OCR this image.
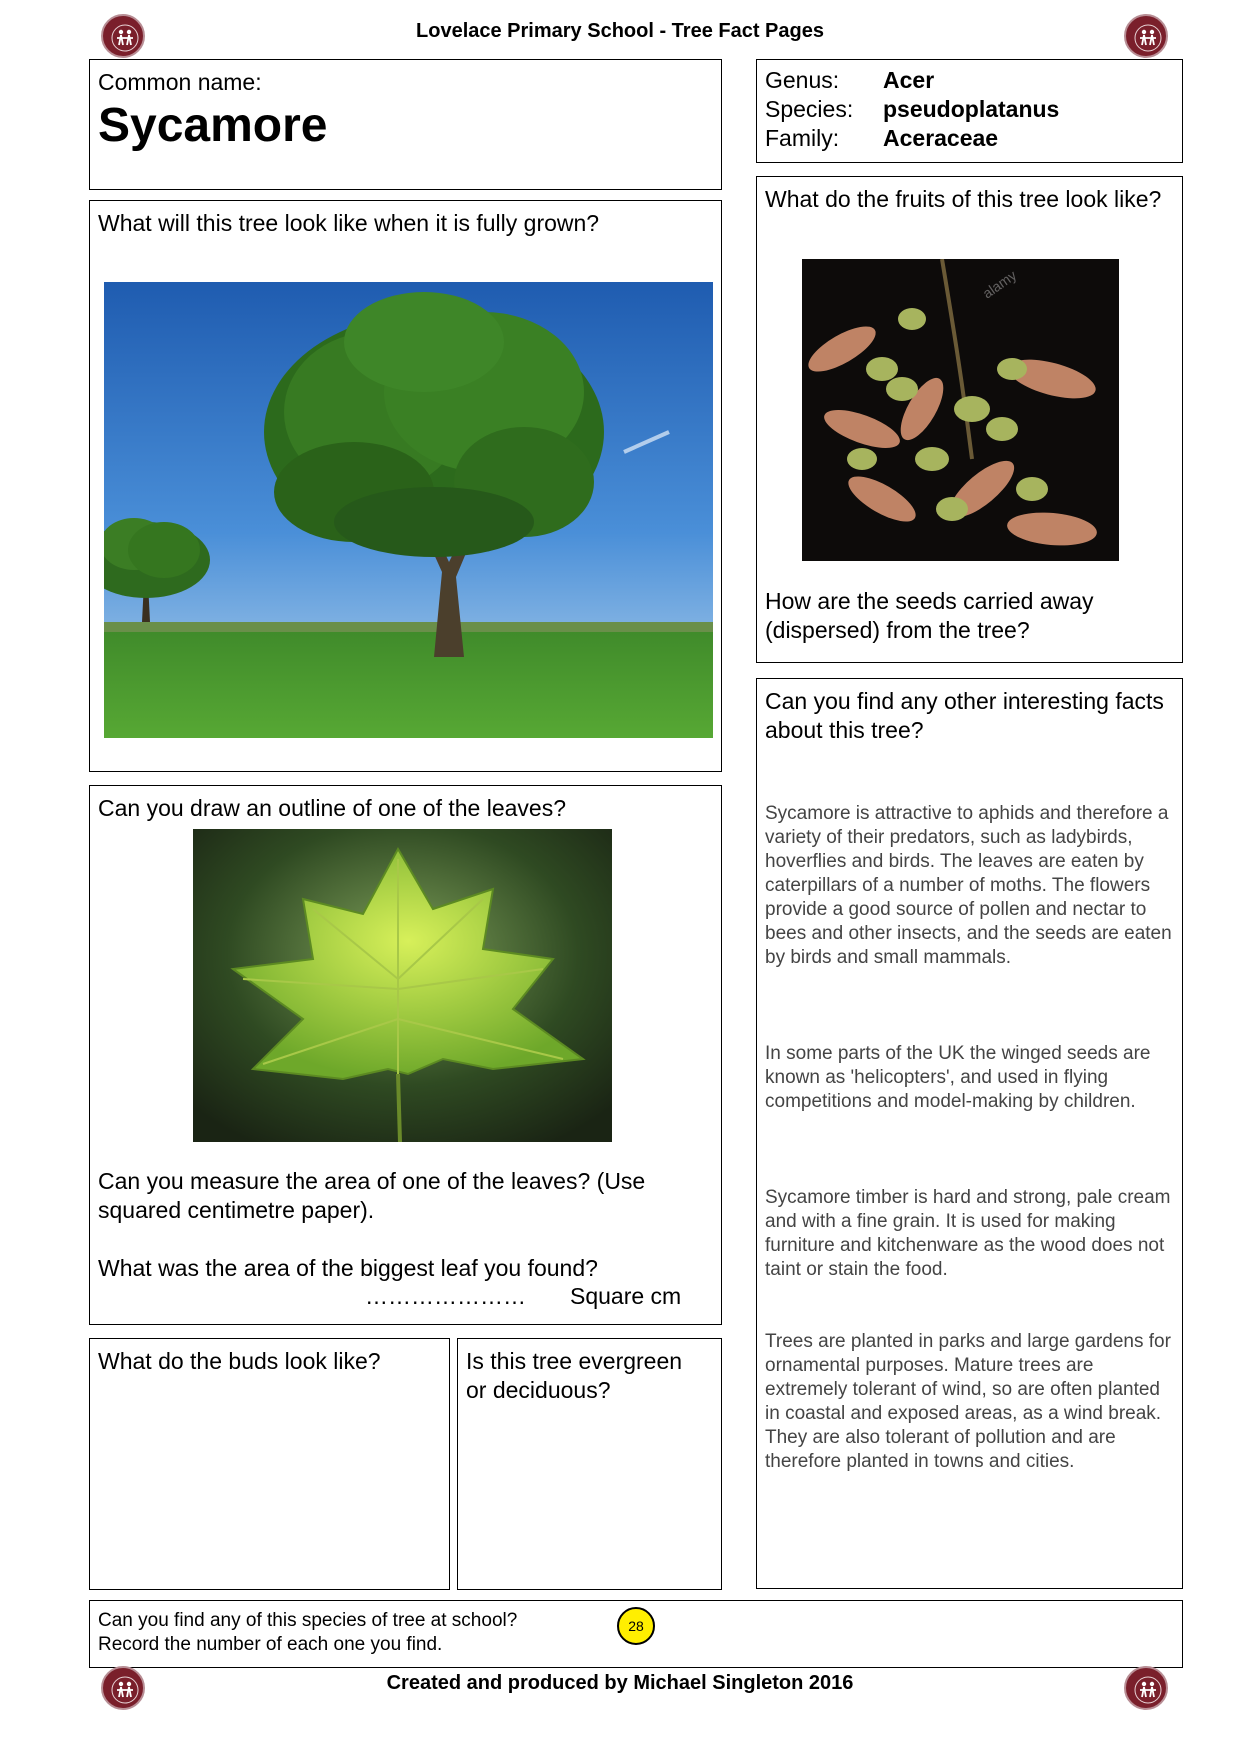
Lovelace Primary School - Tree Fact Pages
Common name:
Sycamore
Genus:	Acer
Species:	pseudoplatanus
Family:	Aceraceae

What will this tree look like when it is fully grown?

What do the fruits of this tree look like?

alamy

How are the seeds carried away (dispersed) from the tree?

Can you draw an outline of one of the leaves?

Can you measure the area of one of the leaves? (Use squared centimetre paper).

What was the area of the biggest leaf you found?

………………… Square cm

What do the buds look like?	Is this tree evergreen or deciduous?

Can you find any other interesting facts about this tree?

Sycamore is attractive to aphids and therefore a variety of their predators, such as ladybirds, hoverflies and birds. The leaves are eaten by caterpillars of a number of moths. The flowers provide a good source of pollen and nectar to bees and other insects, and the seeds are eaten by birds and small mammals.

In some parts of the UK the winged seeds are known as 'helicopters', and used in flying competitions and model-making by children.

Sycamore timber is hard and strong, pale cream and with a fine grain. It is used for making furniture and kitchenware as the wood does not taint or stain the food.

Trees are planted in parks and large gardens for ornamental purposes. Mature trees are extremely tolerant of wind, so are often planted in coastal and exposed areas, as a wind break. They are also tolerant of pollution and are therefore planted in towns and cities.

Can you find any of this species of tree at school?
Record the number of each one you find.
28
Created and produced by Michael Singleton 2016
